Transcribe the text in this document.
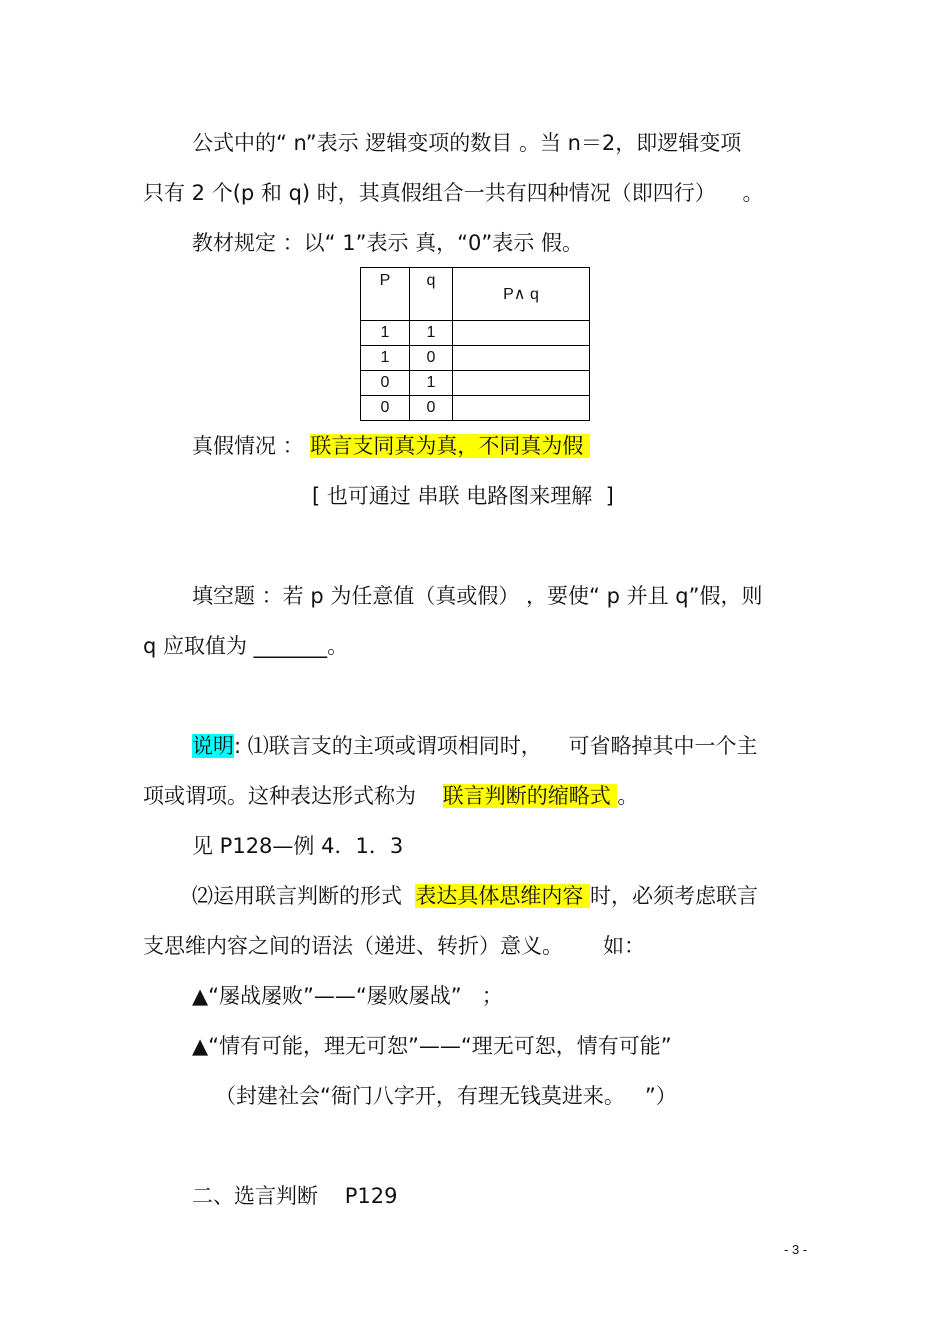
公式中的“ n”表示 逻辑变项的数目 。当 n＝2，即逻辑变项
只有 2 个(p 和 q) 时，其真假组合一共有四种情况（即四行）    。
教材规定 ：以“ 1”表示 真，“0”表示 假。
P	q	P∧ q
1	1	
1	0	
0	1	
0	0	
真假情况 ： 联言支同真为真，不同真为假
[ 也可通过 串联 电路图来理解  ]
填空题 ：若 p 为任意值（真或假） ，要使“ p 并且 q”假，则
q 应取值为 _______。
说明: ⑴联言支的主项或谓项相同时，    可省略掉其中一个主
项或谓项。这种表达形式称为    联言判断的缩略式 。
见 P128—例 4．1．3
⑵运用联言判断的形式  表达具体思维内容 时，必须考虑联言
支思维内容之间的语法（递进、转折）意义。      如：
▲“屡战屡败”——“屡败屡战”   ；
▲“情有可能，理无可恕”——“理无可恕，情有可能”
（封建社会“衙门八字开，有理无钱莫进来。   ”）
二、选言判断    P129
- 3 -
